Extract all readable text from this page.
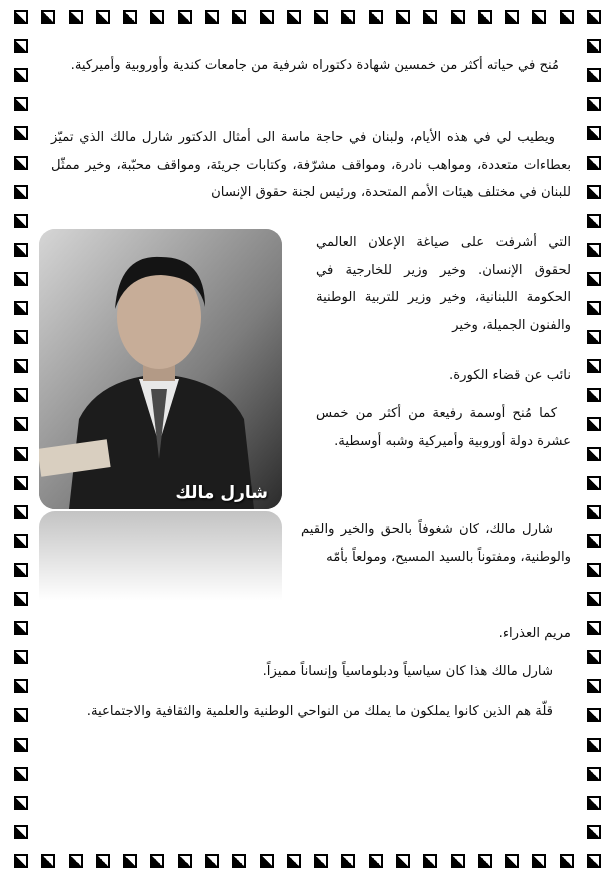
مُنح في حياته أكثر من خمسين شهادة دكتوراه شرفية من جامعات كندية وأوروبية وأميركية.

ويطيب لي في هذه الأيام، ولبنان في حاجة ماسة الى أمثال الدكتور شارل مالك الذي تميّز بعطاءات متعددة، ومواهب نادرة، ومواقف مشرّفة، وكتابات جريئة، ومواقف محبّبة، وخير ممثّل للبنان في مختلف هيئات الأمم المتحدة، ورئيس لجنة حقوق الإنسان

التي أشرفت على صياغة الإعلان العالمي لحقوق الإنسان. وخير وزير للخارجية في الحكومة اللبنانية، وخير وزير للتربية الوطنية والفنون الجميلة، وخير

نائب عن قضاء الكورة.

كما مُنح أوسمة رفيعة من أكثر من خمس عشرة دولة أوروبية وأميركية وشبه أوسطية.

شارل مالك

شارل مالك، كان شغوفاً بالحق والخير والقيم والوطنية، ومفتوناً بالسيد المسيح، ومولعاً بأمّه

مريم العذراء.

شارل مالك هذا كان سياسياً ودبلوماسياً وإنساناً مميزاً.

قلّة هم الذين كانوا يملكون ما يملك من النواحي الوطنية والعلمية والثقافية والاجتماعية.
